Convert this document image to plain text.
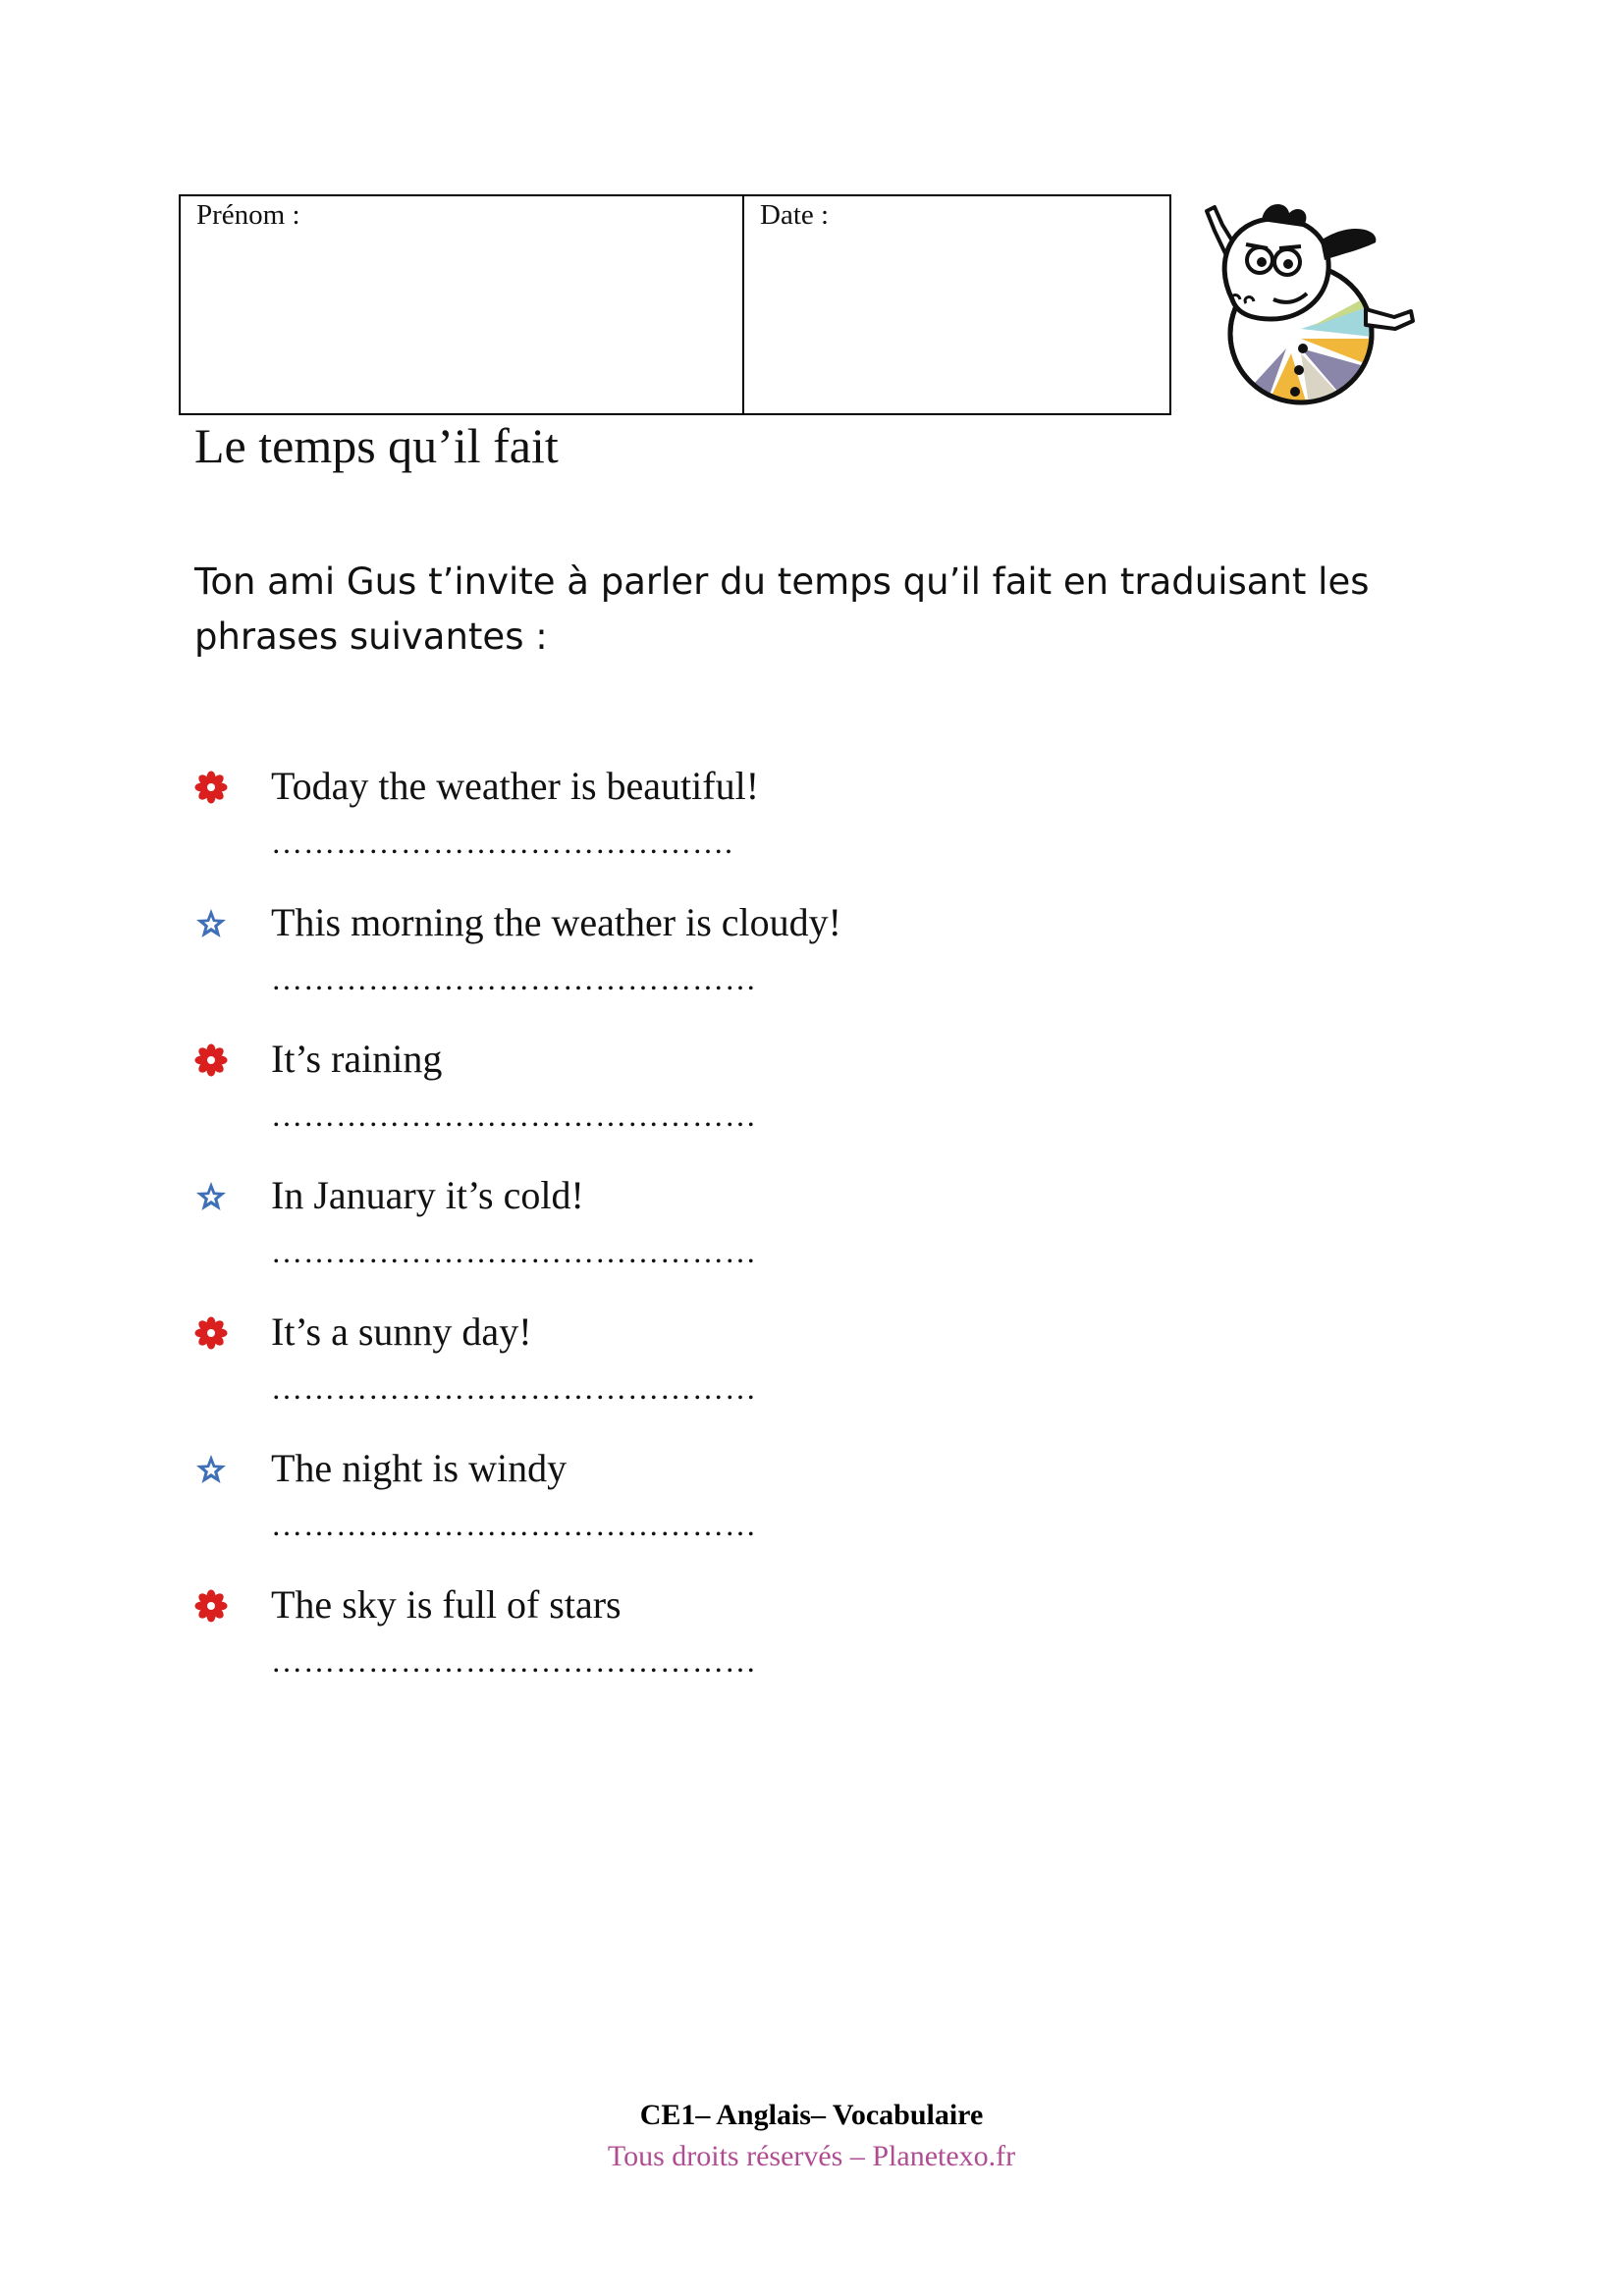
Prénom :	Date :
Le temps qu’il fait
Ton ami Gus t’invite à parler du temps qu’il fait en traduisant les phrases suivantes :
Today the weather is beautiful!
…………………………………….
This morning the weather is cloudy!
………………………………………
It’s raining
………………………………………
In January it’s cold!
………………………………………
It’s a sunny day!
………………………………………
The night is windy
………………………………………
The sky is full of stars
………………………………………
CE1– Anglais– Vocabulaire
Tous droits réservés – Planetexo.fr
